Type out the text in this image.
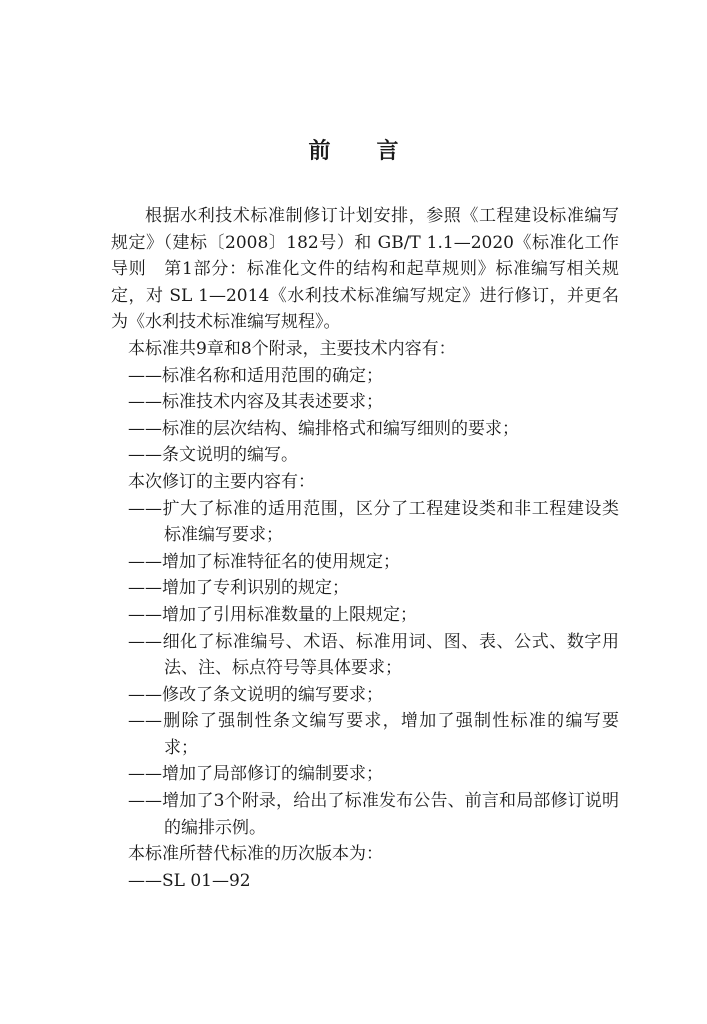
前 言

根据水利技术标准制修订计划安排，参照《工程建设标准编写规定》（建标〔2008〕182号）和 GB/T 1.1—2020《标准化工作导则　第1部分：标准化文件的结构和起草规则》标准编写相关规定，对 SL 1—2014《水利技术标准编写规定》进行修订，并更名为《水利技术标准编写规程》。

本标准共9章和8个附录，主要技术内容有：

——标准名称和适用范围的确定；

——标准技术内容及其表述要求；

——标准的层次结构、编排格式和编写细则的要求；

——条文说明的编写。

本次修订的主要内容有：

——扩大了标准的适用范围，区分了工程建设类和非工程建设类标准编写要求；

——增加了标准特征名的使用规定；

——增加了专利识别的规定；

——增加了引用标准数量的上限规定；

——细化了标准编号、术语、标准用词、图、表、公式、数字用法、注、标点符号等具体要求；

——修改了条文说明的编写要求；

——删除了强制性条文编写要求，增加了强制性标准的编写要求；

——增加了局部修订的编制要求；

——增加了3个附录，给出了标准发布公告、前言和局部修订说明的编排示例。

本标准所替代标准的历次版本为：

——SL 01—92
